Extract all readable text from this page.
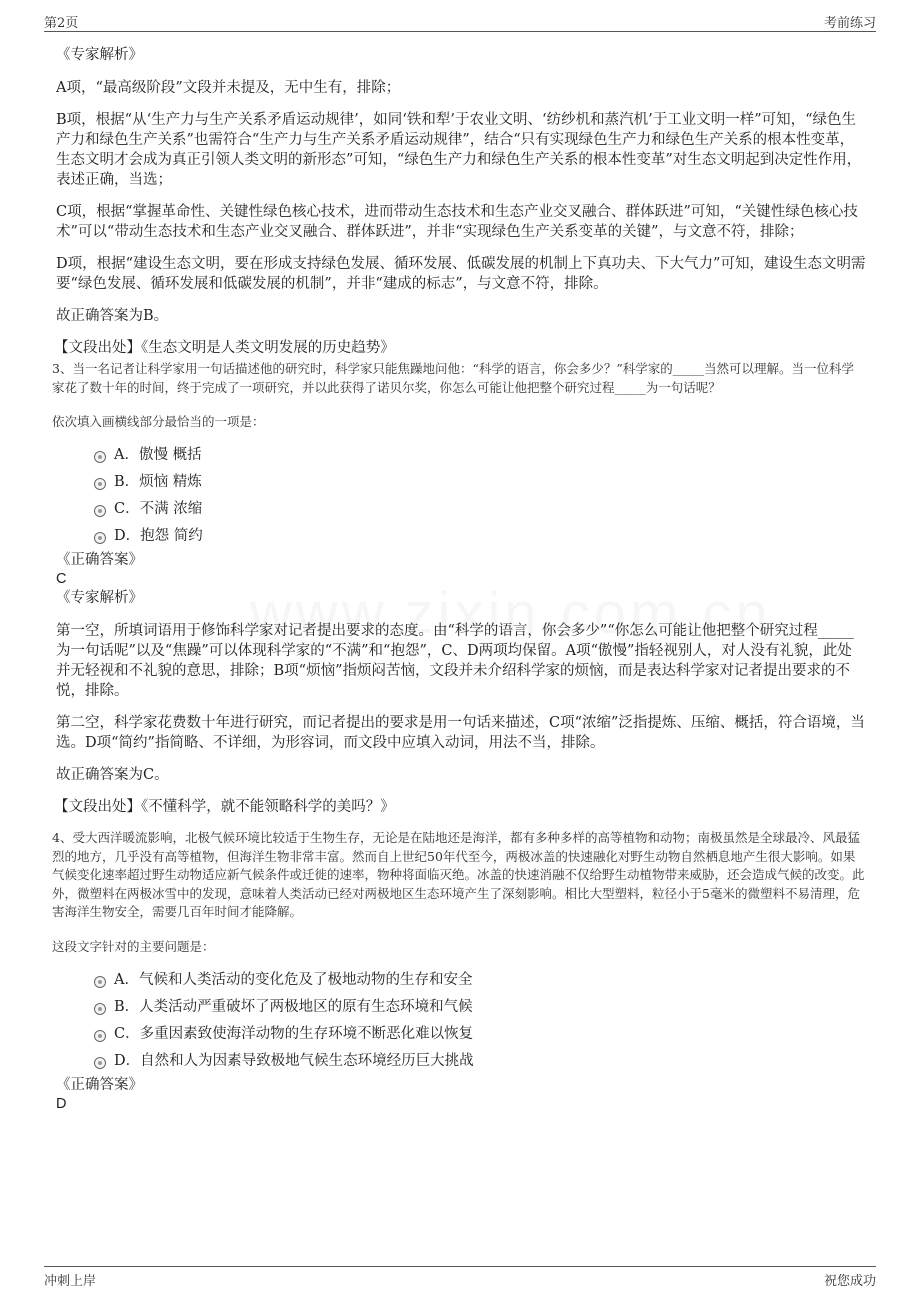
第2页	考前练习
《专家解析》
A项，“最高级阶段”文段并未提及，无中生有，排除；
B项，根据“从‘生产力与生产关系矛盾运动规律’，如同‘铁和犁’于农业文明、‘纺纱机和蒸汽机’于工业文明一样”可知，“绿色生产力和绿色生产关系”也需符合“生产力与生产关系矛盾运动规律”，结合“只有实现绿色生产力和绿色生产关系的根本性变革，生态文明才会成为真正引领人类文明的新形态”可知，“绿色生产力和绿色生产关系的根本性变革”对生态文明起到决定性作用，表述正确，当选；
C项，根据“掌握革命性、关键性绿色核心技术，进而带动生态技术和生态产业交叉融合、群体跃进”可知，“关键性绿色核心技术”可以“带动生态技术和生态产业交叉融合、群体跃进”，并非“实现绿色生产关系变革的关键”，与文意不符，排除；
D项，根据“建设生态文明，要在形成支持绿色发展、循环发展、低碳发展的机制上下真功夫、下大气力”可知，建设生态文明需要“绿色发展、循环发展和低碳发展的机制”，并非“建成的标志”，与文意不符，排除。
故正确答案为B。
【文段出处】《生态文明是人类文明发展的历史趋势》
3、当一名记者让科学家用一句话描述他的研究时，科学家只能焦躁地问他：“科学的语言，你会多少？”科学家的_____当然可以理解。当一位科学家花了数十年的时间，终于完成了一项研究，并以此获得了诺贝尔奖，你怎么可能让他把整个研究过程_____为一句话呢？
依次填入画横线部分最恰当的一项是：
A．傲慢 概括
B．烦恼 精炼
C．不满 浓缩
D．抱怨 简约
《正确答案》
C
《专家解析》
第一空，所填词语用于修饰科学家对记者提出要求的态度。由“科学的语言，你会多少”“你怎么可能让他把整个研究过程_____为一句话呢”以及“焦躁”可以体现科学家的“不满”和“抱怨”，C、D两项均保留。A项“傲慢”指轻视别人，对人没有礼貌，此处并无轻视和不礼貌的意思，排除；B项“烦恼”指烦闷苦恼，文段并未介绍科学家的烦恼，而是表达科学家对记者提出要求的不悦，排除。
第二空，科学家花费数十年进行研究，而记者提出的要求是用一句话来描述，C项“浓缩”泛指提炼、压缩、概括，符合语境，当选。D项“简约”指简略、不详细，为形容词，而文段中应填入动词，用法不当，排除。
故正确答案为C。
【文段出处】《不懂科学，就不能领略科学的美吗？》
4、受大西洋暖流影响，北极气候环境比较适于生物生存，无论是在陆地还是海洋，都有多种多样的高等植物和动物；南极虽然是全球最冷、风最猛烈的地方，几乎没有高等植物，但海洋生物非常丰富。然而自上世纪50年代至今，两极冰盖的快速融化对野生动物自然栖息地产生很大影响。如果气候变化速率超过野生动物适应新气候条件或迁徙的速率，物种将面临灭绝。冰盖的快速消融不仅给野生动植物带来威胁，还会造成气候的改变。此外，微塑料在两极冰雪中的发现，意味着人类活动已经对两极地区生态环境产生了深刻影响。相比大型塑料，粒径小于5毫米的微塑料不易清理，危害海洋生物安全，需要几百年时间才能降解。
这段文字针对的主要问题是：
A．气候和人类活动的变化危及了极地动物的生存和安全
B．人类活动严重破坏了两极地区的原有生态环境和气候
C．多重因素致使海洋动物的生存环境不断恶化难以恢复
D．自然和人为因素导致极地气候生态环境经历巨大挑战
《正确答案》
D
冲刺上岸	祝您成功
